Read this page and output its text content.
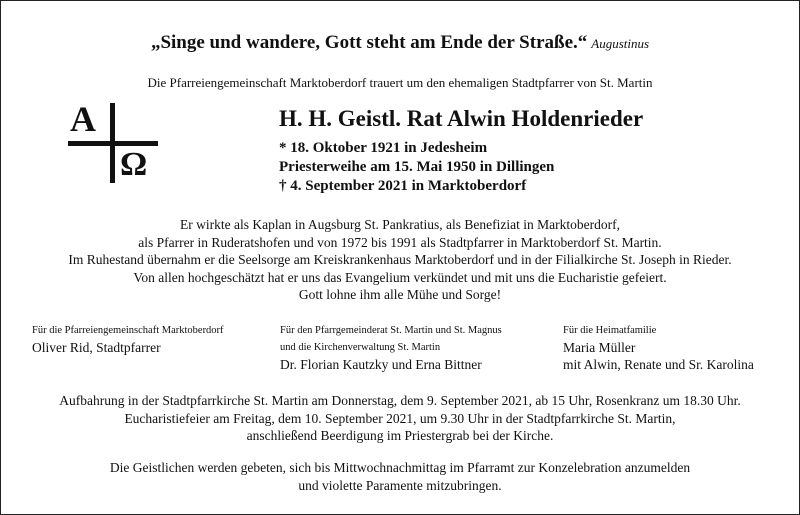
„Singe und wandere, Gott steht am Ende der Straße.“ Augustinus
Die Pfarreiengemeinschaft Marktoberdorf trauert um den ehemaligen Stadtpfarrer von St. Martin
A
Ω
H. H. Geistl. Rat Alwin Holdenrieder
* 18. Oktober 1921 in Jedesheim
Priesterweihe am 15. Mai 1950 in Dillingen
† 4. September 2021 in Marktoberdorf
Er wirkte als Kaplan in Augsburg St. Pankratius, als Benefiziat in Marktoberdorf,
als Pfarrer in Ruderatshofen und von 1972 bis 1991 als Stadtpfarrer in Marktoberdorf St. Martin.
Im Ruhestand übernahm er die Seelsorge am Kreiskrankenhaus Marktoberdorf und in der Filialkirche St. Joseph in Rieder.
Von allen hochgeschätzt hat er uns das Evangelium verkündet und mit uns die Eucharistie gefeiert.
Gott lohne ihm alle Mühe und Sorge!
Für die Pfarreiengemeinschaft Marktoberdorf
Oliver Rid, Stadtpfarrer
Für den Pfarrgemeinderat St. Martin und St. Magnus
und die Kirchenverwaltung St. Martin
Dr. Florian Kautzky und Erna Bittner
Für die Heimatfamilie
Maria Müller
mit Alwin, Renate und Sr. Karolina
Aufbahrung in der Stadtpfarrkirche St. Martin am Donnerstag, dem 9. September 2021, ab 15 Uhr, Rosenkranz um 18.30 Uhr.
Eucharistiefeier am Freitag, dem 10. September 2021, um 9.30 Uhr in der Stadtpfarrkirche St. Martin,
anschließend Beerdigung im Priestergrab bei der Kirche.
Die Geistlichen werden gebeten, sich bis Mittwochnachmittag im Pfarramt zur Konzelebration anzumelden
und violette Paramente mitzubringen.
